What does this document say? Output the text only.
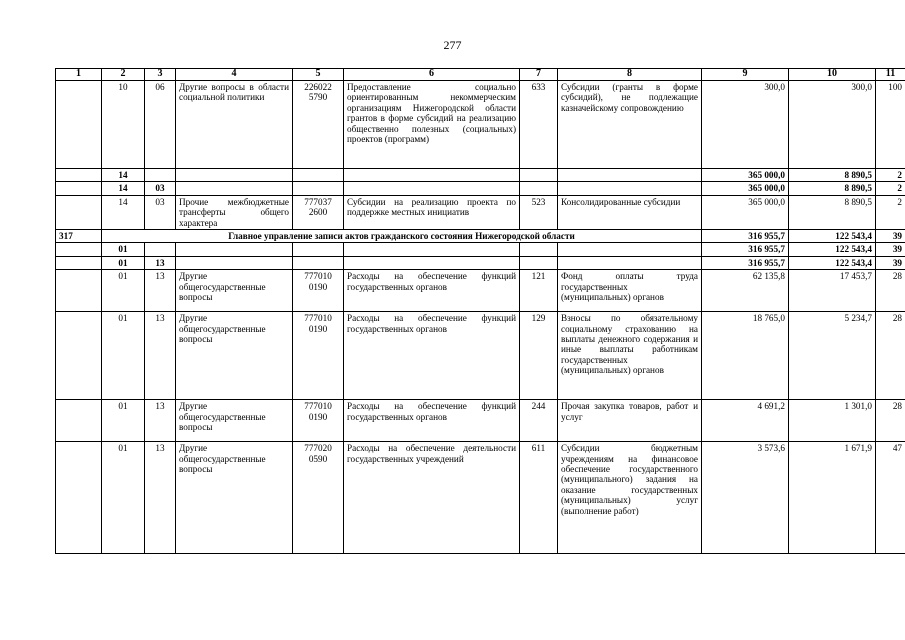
277
1	2	3	4	5	6	7	8	9	10	11
	10	06	Другие вопросы в области социальной политики	226022 5790	Предоставление социально ориентированным некоммерческим организациям Нижегородской области грантов в форме субсидий на реализацию общественно полезных (социальных) проектов (программ)	633	Субсидии (гранты в форме субсидий), не подлежащие казначейскому сопровождению	300,0	300,0	100
	14							365 000,0	8 890,5	2
	14	03						365 000,0	8 890,5	2
	14	03	Прочие межбюджетные трансферты общего характера	777037 2600	Субсидии на реализацию проекта по поддержке местных инициатив	523	Консолидированные субсидии	365 000,0	8 890,5	2
317	Главное управление записи актов гражданского состояния Нижегородской области							316 955,7	122 543,4	39
	01							316 955,7	122 543,4	39
	01	13						316 955,7	122 543,4	39
	01	13	Другие общегосударственные вопросы	777010 0190	Расходы на обеспечение функций государственных органов	121	Фонд оплаты труда государственных (муниципальных) органов	62 135,8	17 453,7	28
	01	13	Другие общегосударственные вопросы	777010 0190	Расходы на обеспечение функций государственных органов	129	Взносы по обязательному социальному страхованию на выплаты денежного содержания и иные выплаты работникам государственных (муниципальных) органов	18 765,0	5 234,7	28
	01	13	Другие общегосударственные вопросы	777010 0190	Расходы на обеспечение функций государственных органов	244	Прочая закупка товаров, работ и услуг	4 691,2	1 301,0	28
	01	13	Другие общегосударственные вопросы	777020 0590	Расходы на обеспечение деятельности государственных учреждений	611	Субсидии бюджетным учреждениям на финансовое обеспечение государственного (муниципального) задания на оказание государственных (муниципальных) услуг (выполнение работ)	3 573,6	1 671,9	47
